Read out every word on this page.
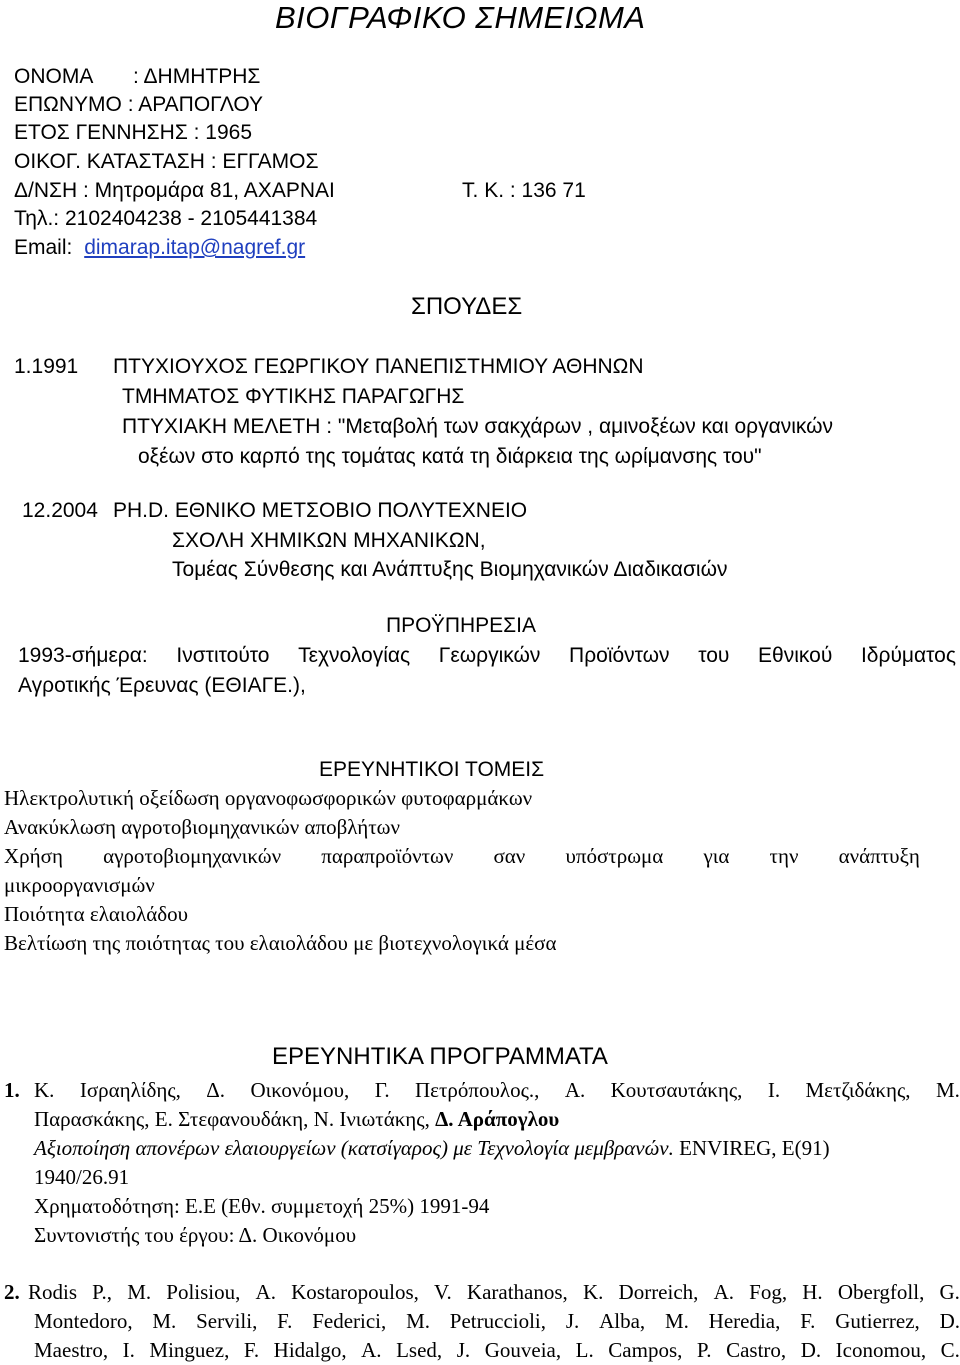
ΒΙΟΓΡΑΦΙΚΟ ΣΗΜΕΙΩΜΑ
ΟΝΟΜΑ : ΔΗΜΗΤΡΗΣ
ΕΠΩΝΥΜΟ : ΑΡΑΠΟΓΛΟΥ
ΕΤΟΣ ΓΕΝΝΗΣΗΣ : 1965
ΟΙΚΟΓ. ΚΑΤΑΣΤΑΣΗ : ΕΓΓΑΜΟΣ
Δ/ΝΣΗ : Μητρομάρα 81, ΑΧΑΡΝΑΙ	Τ. Κ. : 136 71
Τηλ.: 2102404238 - 2105441384
Email: dimarap.itap@nagref.gr
ΣΠΟΥΔΕΣ
1.1991 ΠΤΥΧΙΟΥΧΟΣ ΓΕΩΡΓΙΚΟΥ ΠΑΝΕΠΙΣΤΗΜΙΟΥ ΑΘΗΝΩΝ
ΤΜΗΜΑΤΟΣ ΦΥΤΙΚΗΣ ΠΑΡΑΓΩΓΗΣ
ΠΤΥΧΙΑΚΗ ΜΕΛΕΤΗ : "Μεταβολή των σακχάρων , αμινοξέων και οργανικών
οξέων στο καρπό της τομάτας κατά τη διάρκεια της ωρίμανσης του"
12.2004 PH.D. ΕΘΝΙΚΟ ΜΕΤΣΟΒΙΟ ΠΟΛΥΤΕΧΝΕΙΟ
ΣΧΟΛΗ ΧΗΜΙΚΩΝ ΜΗΧΑΝΙΚΩΝ,
Τομέας Σύνθεσης και Ανάπτυξης Βιομηχανικών Διαδικασιών
ΠΡΟΫΠΗΡΕΣΙΑ
1993-σήμερα: Ινστιτούτο Τεχνολογίας Γεωργικών Προϊόντων του Εθνικού Ιδρύματος
Αγροτικής Έρευνας (ΕΘΙΑΓΕ.),
ΕΡΕΥΝΗΤΙΚΟΙ ΤΟΜΕΙΣ
Ηλεκτρολυτική οξείδωση οργανοφωσφορικών φυτοφαρμάκων
Ανακύκλωση αγροτοβιομηχανικών αποβλήτων
Χρήση αγροτοβιομηχανικών παραπροϊόντων σαν υπόστρωμα για την ανάπτυξη
μικροοργανισμών
Ποιότητα ελαιολάδου
Βελτίωση της ποιότητας του ελαιολάδου με βιοτεχνολογικά μέσα
ΕΡΕΥΝΗΤΙΚΑ ΠΡΟΓΡΑΜΜΑΤΑ
1. Κ. Ισραηλίδης, Δ. Οικονόμου, Γ. Πετρόπουλος., Α. Κουτσαυτάκης, Ι. Μετζιδάκης, Μ.
Παρασκάκης, Ε. Στεφανουδάκη, Ν. Ινιωτάκης, Δ. Αράπογλου
Αξιοποίηση απονέρων ελαιουργείων (κατσίγαρος) με Τεχνολογία μεμβρανών. ENVIREG, E(91)
1940/26.91
Χρηματοδότηση: Ε.Ε (Εθν. συμμετοχή 25%) 1991-94
Συντονιστής του έργου: Δ. Οικονόμου
2. Rodis P., M. Polisiou, A. Kostaropoulos, V. Karathanos, K. Dorreich, A. Fog, H. Obergfoll, G.
Montedoro, M. Servili, F. Federici, M. Petruccioli, J. Alba, M. Heredia, F. Gutierrez, D.
Maestro, I. Minguez, F. Hidalgo, A. Lsed, J. Gouveia, L. Campos, P. Castro, D. Iconomou, C.
